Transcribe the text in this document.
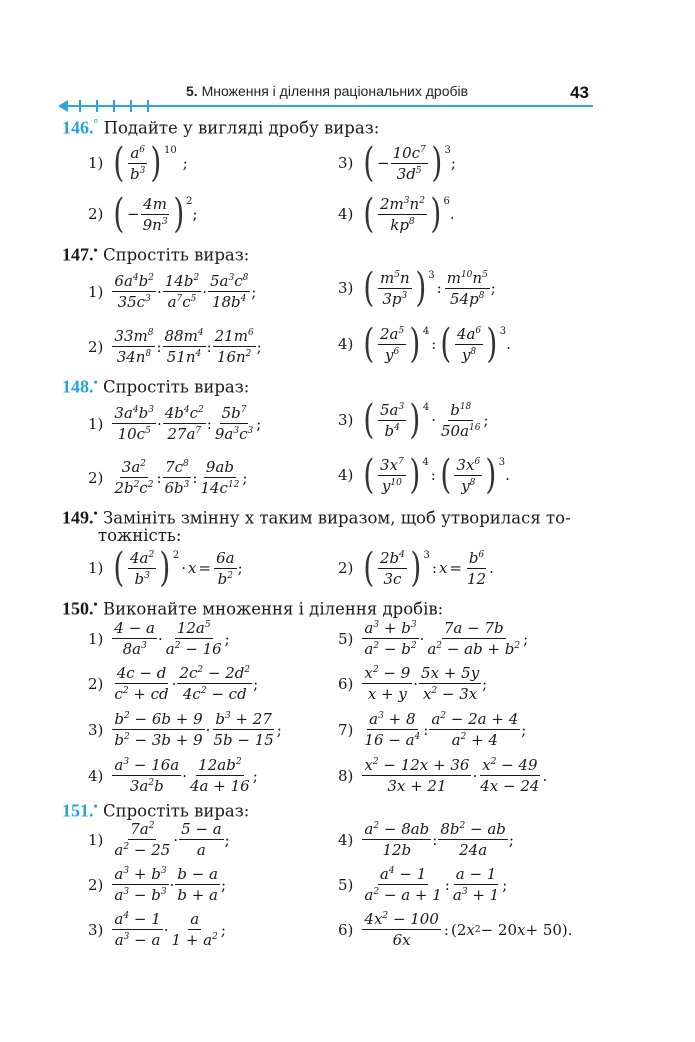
5. Множення і ділення раціональних дробів	43
146.° Подайте у вигляді дробу вираз:
1) ( $a^6$
$b^3$ ) 10
;	3) ( −
$10c^7$
$3d^5$ ) 3
;
2) ( −
4m
$9n^3$ ) 2
;	4) ( $2m^3n^2$
$kp^8$ ) 6
.
147.• Спростіть вираз:
1)
$6a^4b^2$
$35c^3$ ·
$14b^2$
$a^7c^5$ ·
$5a^3c^8$
$18b^4$ ;	3) ( $m^5n$
$3p^3$ ) 3
:
$m^{10}n^5$
$54p^8$ ;
2)
$33m^8$
$34n^8$ :
$88m^4$
$51n^4$ :
$21m^6$
$16n^2$ ;	4) ( $2a^5$
$y^6$ ) 4
: ( $4a^6$
$y^8$ ) 3
.
148.• Спростіть вираз:
1)
$3a^4b^3$
$10c^5$ ·
$4b^4c^2$
$27a^7$ :
$5b^7$
$9a^3c^3$ ;	3) ( $5a^3$
$b^4$ ) 4
·
$b^{18}$
$50a^{16}$ ;
2)
$3a^2$
$2b^2c^2$ :
$7c^8$
$6b^3$ :
9ab
$14c^{12}$ ;	4) ( $3x^7$
$y^{10}$ ) 4
: ( $3x^6$
$y^8$ ) 3
.
149.• Замініть змінну x таким виразом, щоб утворилася то-
тожність:
1) ( $4a^2$
$b^3$ ) 2
· $x = \frac{6a}{b^2}$ ;	2) ( $2b^4$
3c ) 3
: $x = \frac{b^6}{12}$ .
150.• Виконайте множення і ділення дробів:
1)
4 − a
$8a^3$ ·
$12a^5$
$a^2 - 16$
;	5)
$a^3 + b^3$
$a^2 - b^2$ ·
7a − 7b
$a^2$ − ab + $b^2$ ;
2)
4c − d
$c^2$ + cd
·
$2c^2 - 2d^2$
$4c^2$ − cd
;	6)
$x^2 - 9$
x + y
·
5x + 5y
$x^2 - 3x$
;
3)
$b^2 - 6b + 9$
$b^2 - 3b + 9$
·
$b^3 + 27$
5b − 15
;	7)
$a^3 + 8$
$16 - a^4$ :
$a^2 - 2a + 4$
$a^2 + 4$
;
4)
$a^3 - 16a$
$3a^2b$
·
$12ab^2$
4a + 16
;	8)
$x^2 - 12x + 36$
3x + 21
·
$x^2 - 49$
4x − 24
.
151.• Спростіть вираз:
1)
$7a^2$
$a^2 - 25$
·
5 − a
a
;	4)
$a^2 - 8ab$
12b
:
$8b^2$ − ab
24a
;
2)
$a^3 + b^3$
$a^3 - b^3$ ·
b − a
b + a
;	5)
$a^4 - 1$
$a^2 - a + 1$
:
a − 1
$a^3 + 1$
;
3)
$a^4 - 1$
$a^3 - a$
·
a
$1 + a^2$ ;	6)
$4x^2 - 100$
6x
: (2 x 2 − 20 x + 50).
